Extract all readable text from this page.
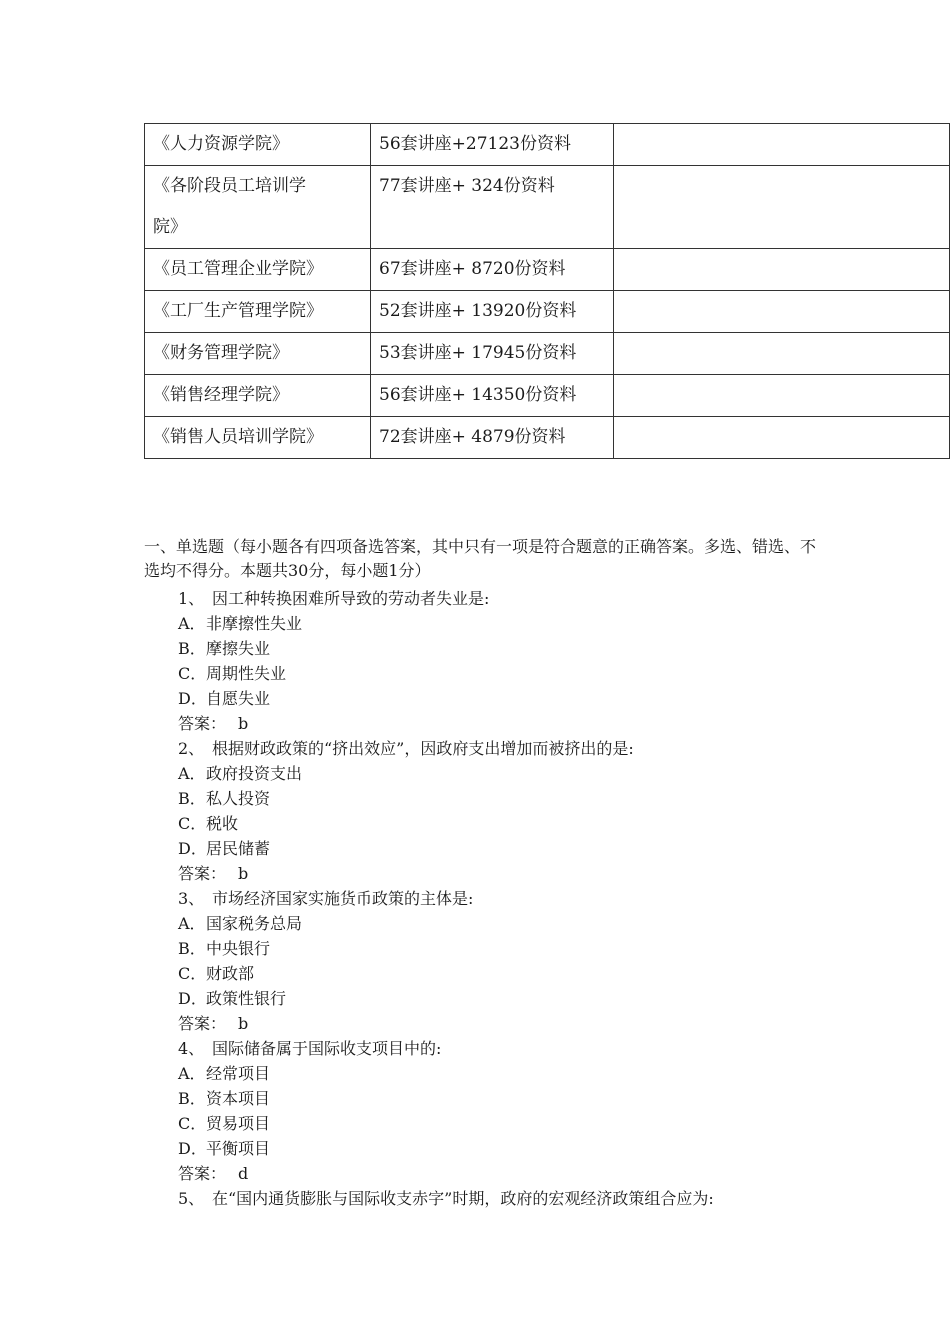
《人力资源学院》	56套讲座+27123份资料	
《各阶段员工培训学院》	77套讲座+ 324份资料	
《员工管理企业学院》	67套讲座+ 8720份资料	
《工厂生产管理学院》	52套讲座+ 13920份资料	
《财务管理学院》	53套讲座+ 17945份资料	
《销售经理学院》	56套讲座+ 14350份资料	
《销售人员培训学院》	72套讲座+ 4879份资料	
一、单选题（每小题各有四项备选答案，其中只有一项是符合题意的正确答案。多选、错选、不选均不得分。本题共30分，每小题1分）
1、 因工种转换困难所导致的劳动者失业是:
A．非摩擦性失业
B．摩擦失业
C．周期性失业
D．自愿失业
答案： b
2、 根据财政政策的“挤出效应”，因政府支出增加而被挤出的是:
A．政府投资支出
B．私人投资
C．税收
D．居民储蓄
答案： b
3、 市场经济国家实施货币政策的主体是:
A．国家税务总局
B．中央银行
C．财政部
D．政策性银行
答案： b
4、 国际储备属于国际收支项目中的:
A．经常项目
B．资本项目
C．贸易项目
D．平衡项目
答案： d
5、 在“国内通货膨胀与国际收支赤字”时期，政府的宏观经济政策组合应为:
